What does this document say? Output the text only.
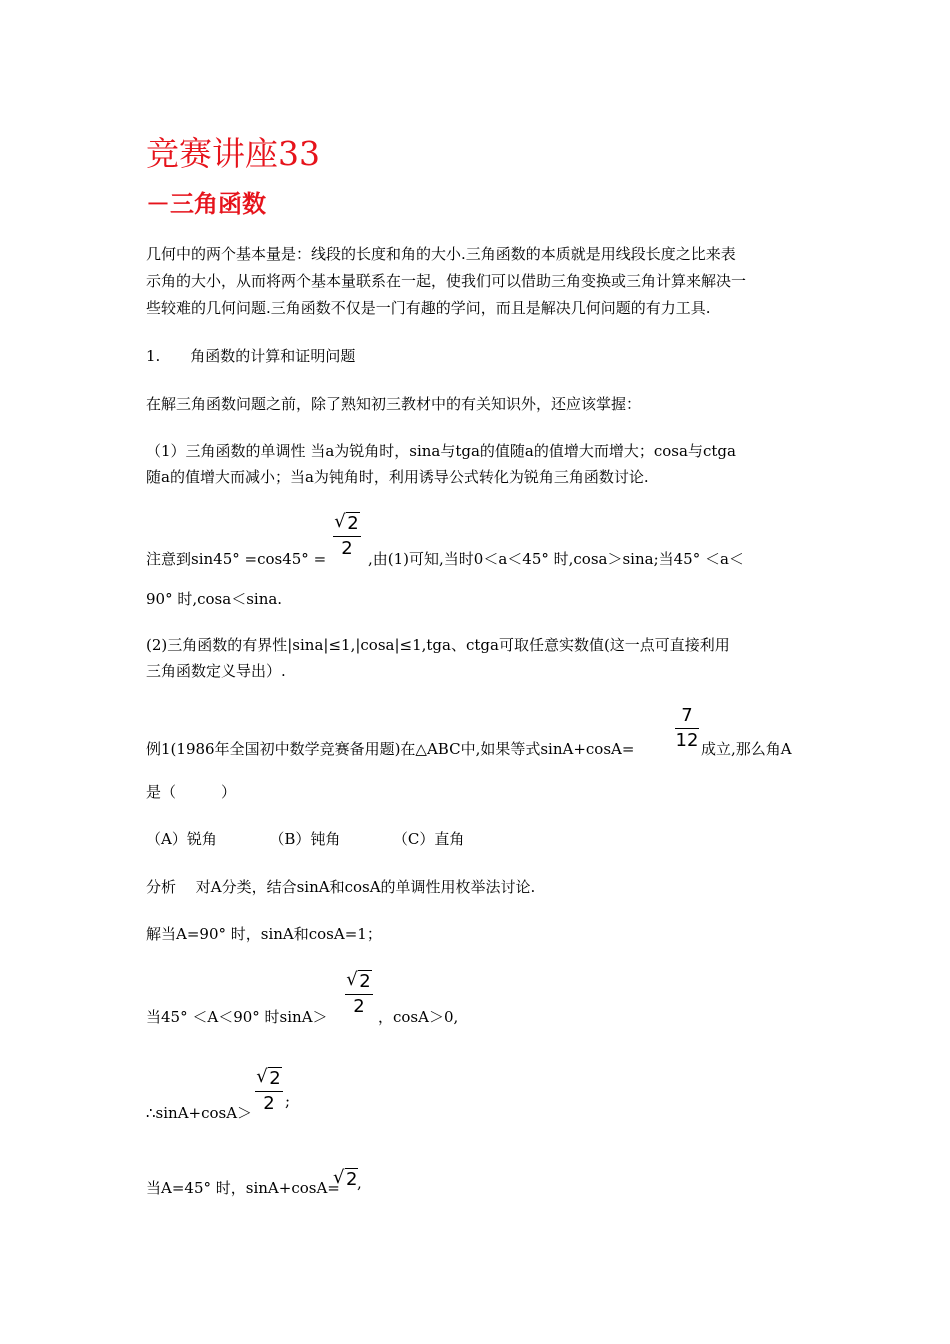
竞赛讲座33
－三角函数
几何中的两个基本量是：线段的长度和角的大小.三角函数的本质就是用线段长度之比来表
示角的大小，从而将两个基本量联系在一起，使我们可以借助三角变换或三角计算来解决一
些较难的几何问题.三角函数不仅是一门有趣的学问，而且是解决几何问题的有力工具.
1.　　角函数的计算和证明问题
在解三角函数问题之前，除了熟知初三教材中的有关知识外，还应该掌握：
（1）三角函数的单调性 当a为锐角时，sina与tga的值随a的值增大而增大；cosa与ctga
随a的值增大而减小；当a为钝角时，利用诱导公式转化为锐角三角函数讨论.
注意到sin45° =cos45° =
√ 2
2	,由(1)可知,当时0＜a＜45° 时,cosa＞sina;当45° ＜a＜
90° 时,cosa＜sina.
(2)三角函数的有界性|sina|≤1,|cosa|≤1,tga、ctga可取任意实数值(这一点可直接利用
三角函数定义导出）.
例1(1986年全国初中数学竞赛备用题)在△ABC中,如果等式sinA+cosA=
7
12 成立,那么角A
是（　　　）
（A）锐角　　　　（B）钝角　　　　（C）直角
分析　 对A分类，结合sinA和cosA的单调性用枚举法讨论.
解当A=90° 时，sinA和cosA=1；
当45° ＜A＜90° 时sinA＞
√ 2
2 ，cosA＞0,
∴sinA+cosA＞
√ 2
2 ;
当A=45° 时，sinA+cosA=
√ 2 ,
